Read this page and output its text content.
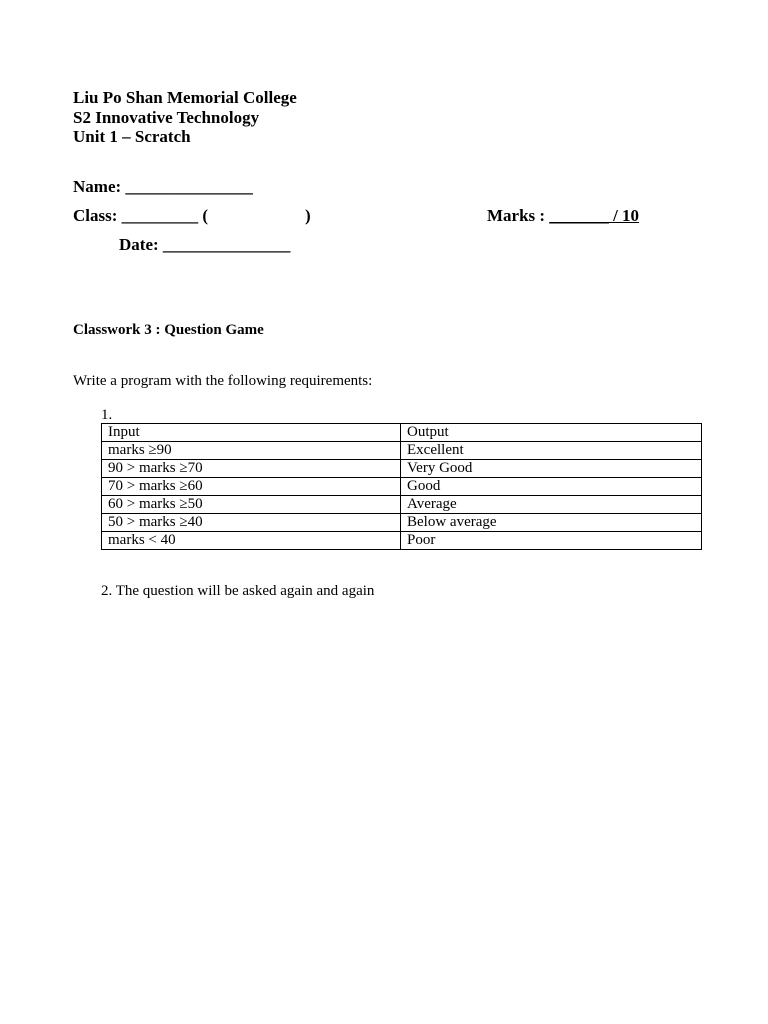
Liu Po Shan Memorial College
S2 Innovative Technology
Unit 1 – Scratch
Name: _______________
Class: _________ (	)	Marks : _______ / 10
Date: _______________
Classwork 3 : Question Game
Write a program with the following requirements:
1.
Input	Output
marks ≥90	Excellent
90 > marks ≥70	Very Good
70 > marks ≥60	Good
60 > marks ≥50	Average
50 > marks ≥40	Below average
marks < 40	Poor
2. The question will be asked again and again
